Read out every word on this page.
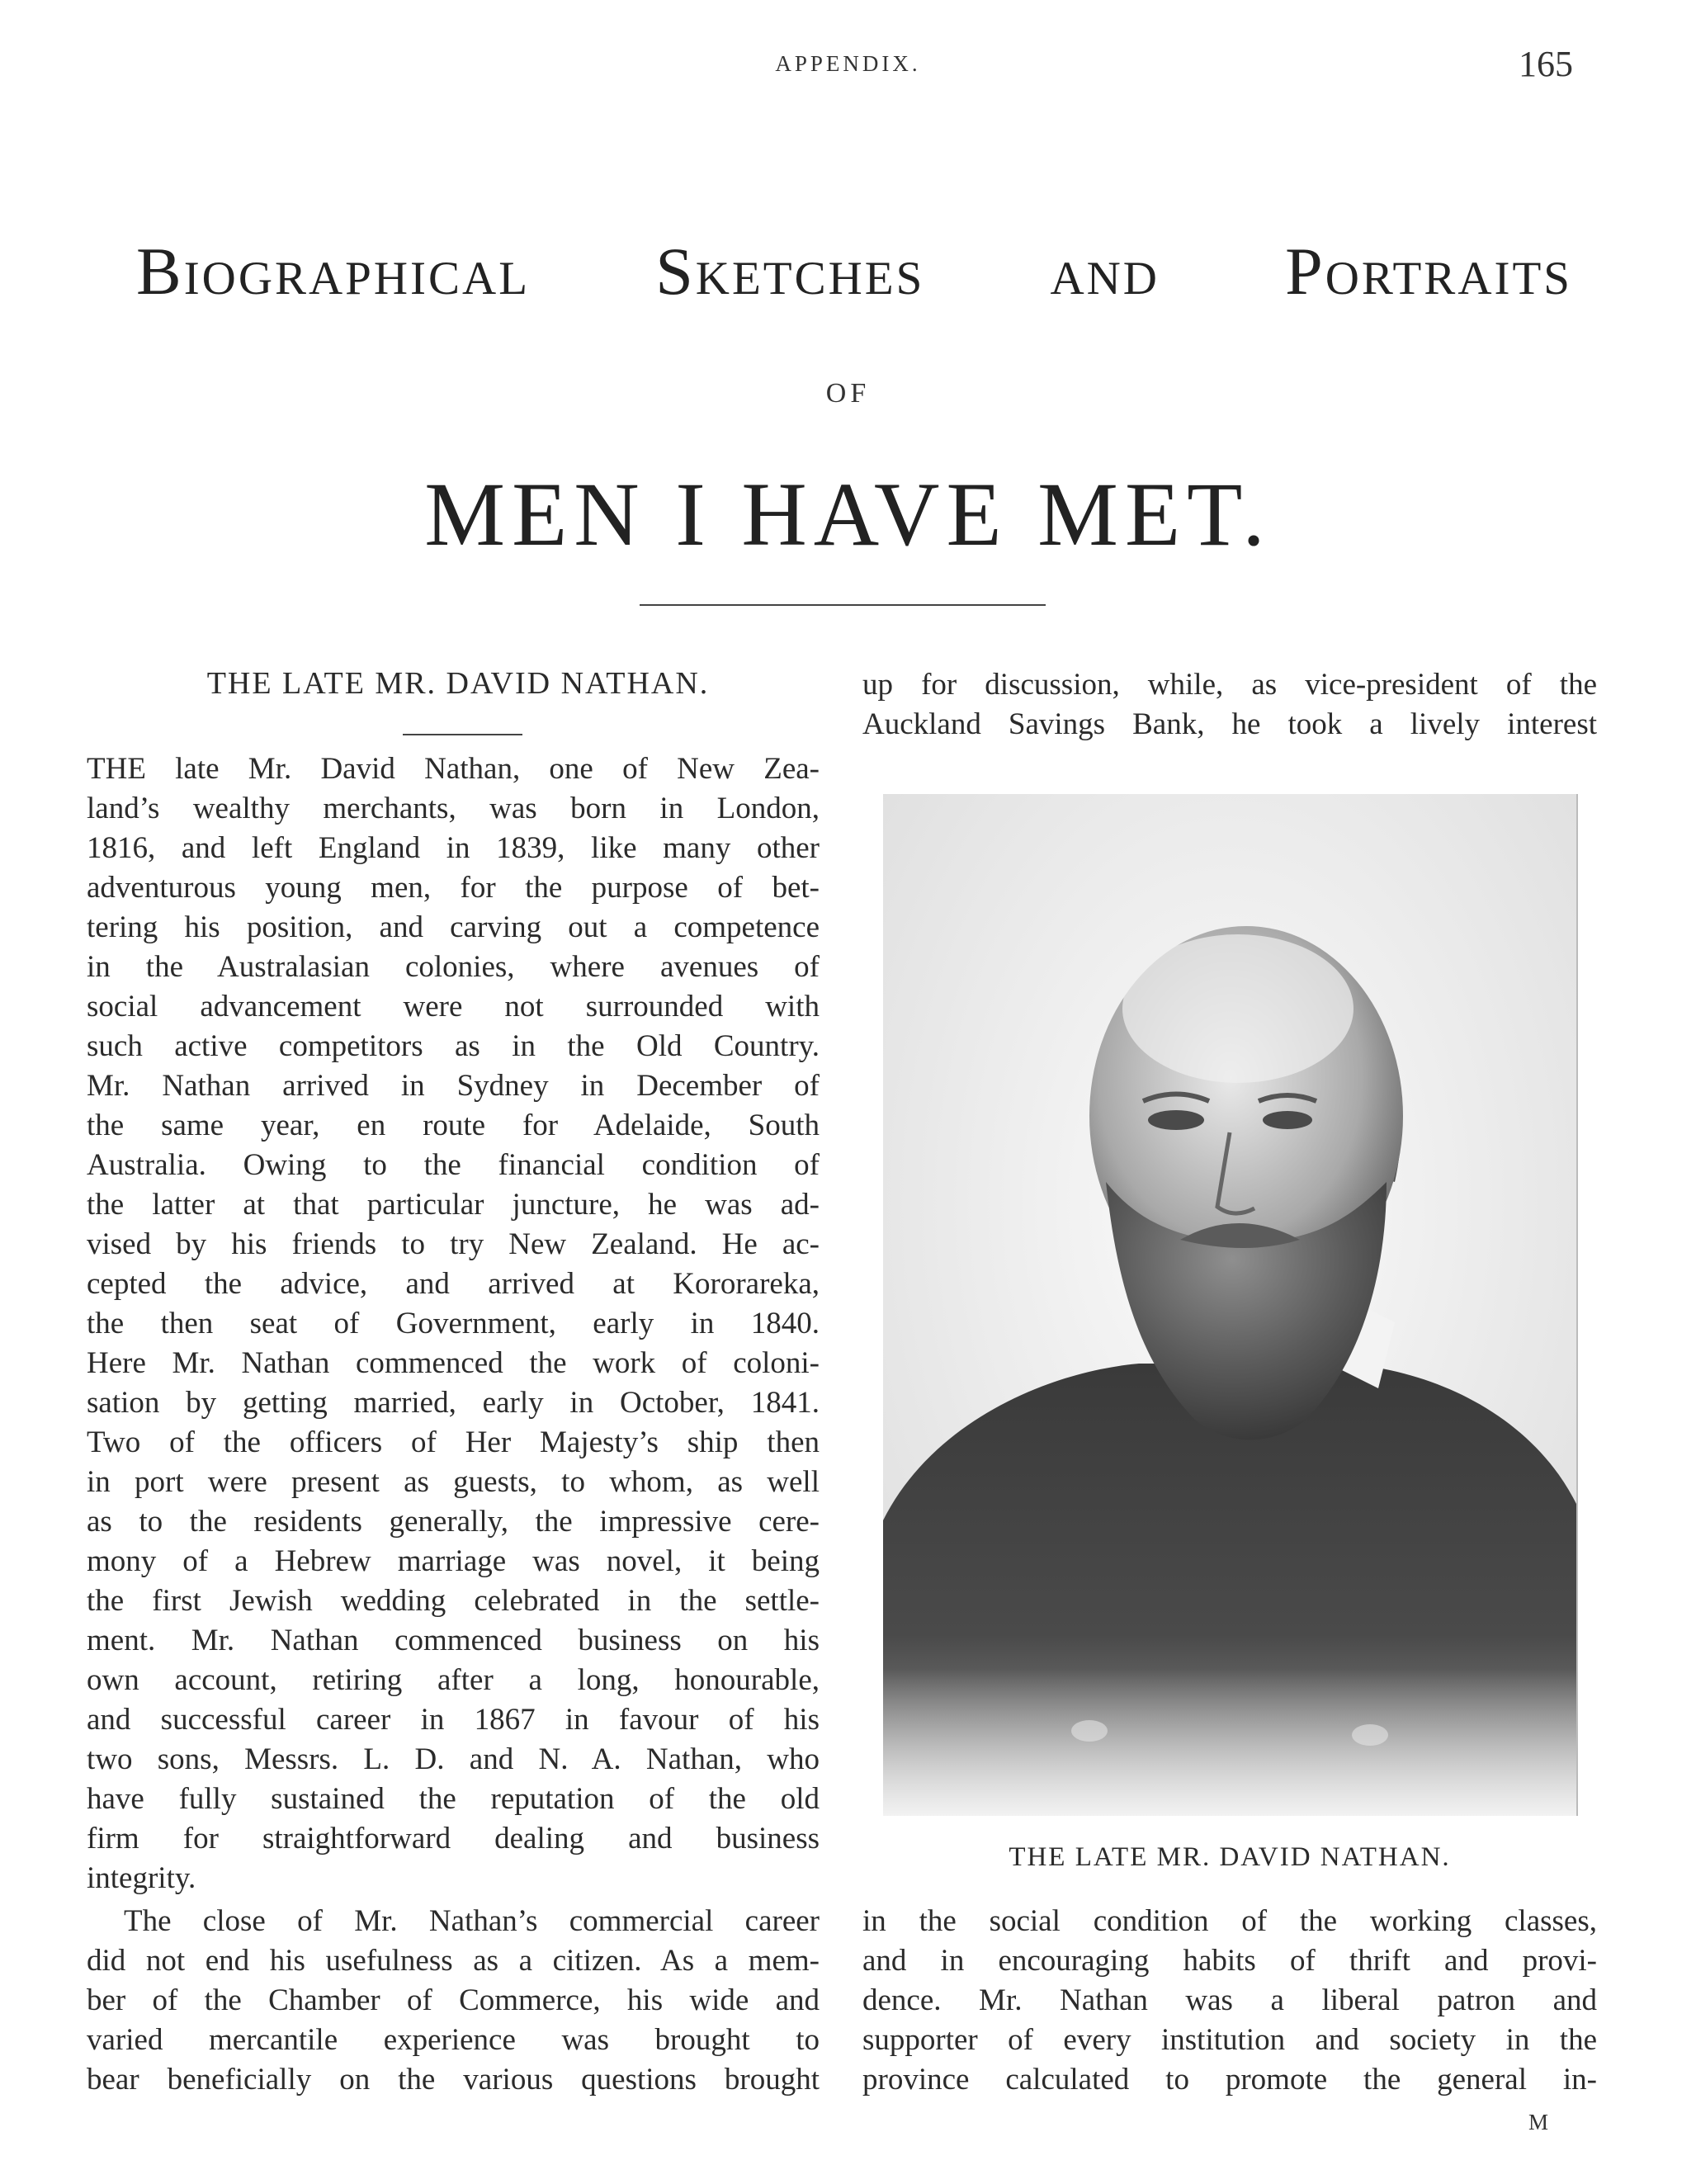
APPENDIX.	165
Biographical Sketches and Portraits
OF
MEN I HAVE MET.
THE LATE MR. DAVID NATHAN.
THE late Mr. David Nathan, one of New Zea-
land’s wealthy merchants, was born in London,
1816, and left England in 1839, like many other
adventurous young men, for the purpose of bet-
tering his position, and carving out a competence
in the Australasian colonies, where avenues of
social advancement were not surrounded with
such active competitors as in the Old Country.
Mr. Nathan arrived in Sydney in December of
the same year, en route for Adelaide, South
Australia. Owing to the financial condition of
the latter at that particular juncture, he was ad-
vised by his friends to try New Zealand. He ac-
cepted the advice, and arrived at Kororareka,
the then seat of Government, early in 1840.
Here Mr. Nathan commenced the work of coloni-
sation by getting married, early in October, 1841.
Two of the officers of Her Majesty’s ship then
in port were present as guests, to whom, as well
as to the residents generally, the impressive cere-
mony of a Hebrew marriage was novel, it being
the first Jewish wedding celebrated in the settle-
ment. Mr. Nathan commenced business on his
own account, retiring after a long, honourable,
and successful career in 1867 in favour of his
two sons, Messrs. L. D. and N. A. Nathan, who
have fully sustained the reputation of the old
firm for straightforward dealing and business
integrity.
The close of Mr. Nathan’s commercial career
did not end his usefulness as a citizen. As a mem-
ber of the Chamber of Commerce, his wide and
varied mercantile experience was brought to
bear beneficially on the various questions brought
up for discussion, while, as vice-president of the
Auckland Savings Bank, he took a lively interest
THE LATE MR. DAVID NATHAN.
in the social condition of the working classes,
and in encouraging habits of thrift and provi-
dence. Mr. Nathan was a liberal patron and
supporter of every institution and society in the
province calculated to promote the general in-
M
